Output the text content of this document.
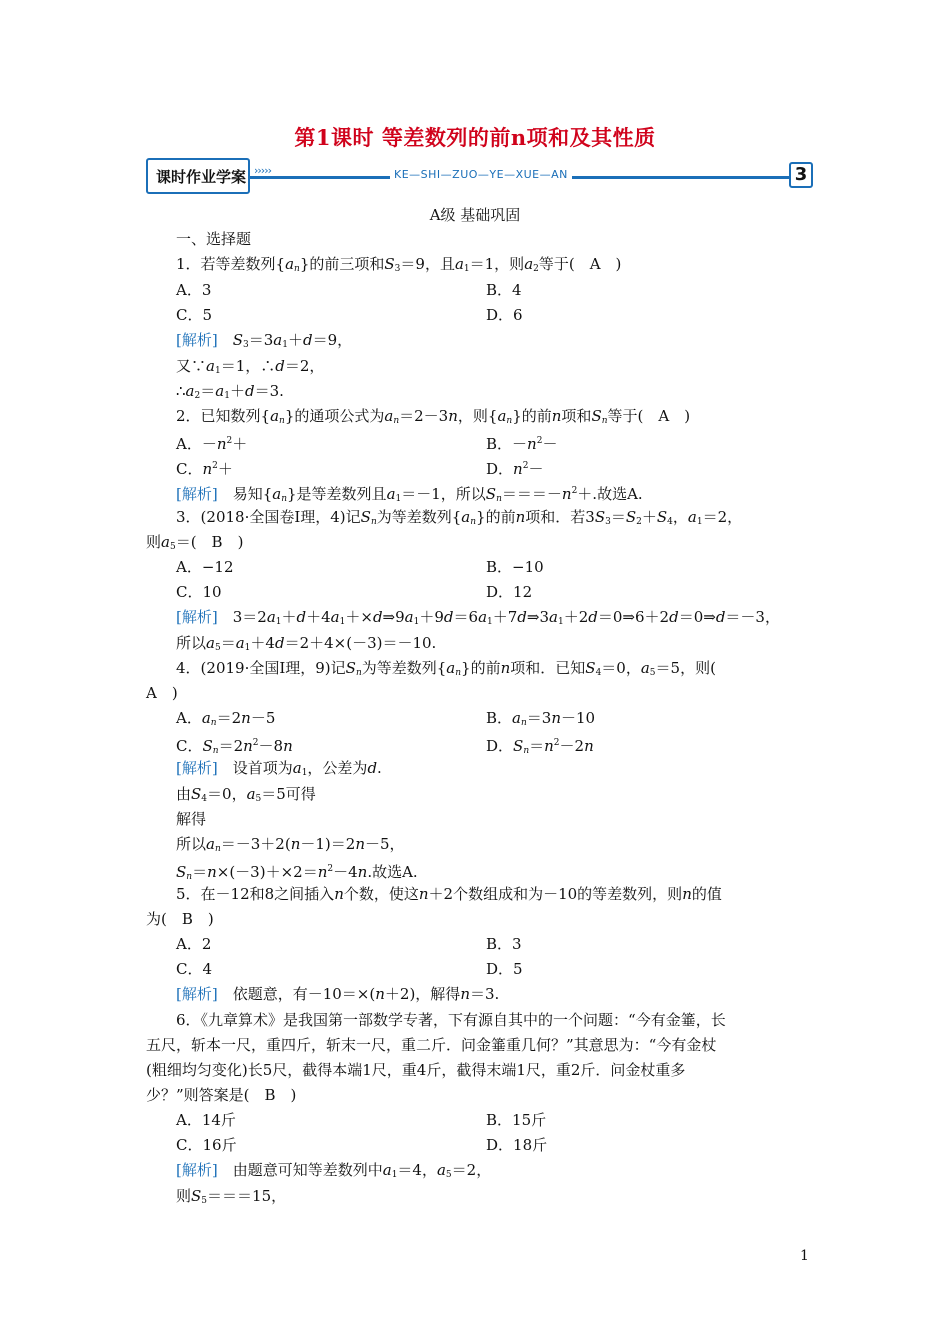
第1课时 等差数列的前n项和及其性质
课时作业学案 ›››››	KE—SHI—ZUO—YE—XUE—AN	3
A级 基础巩固
一、选择题
1．若等差数列$\{a_n\}$的前三项和$S_3=9$，且$a_1=1$，则$a_2$等于(　A　)
A．3	B．4
C．5	D．6
[解析]　 $S_3=3a_1+d=9$，
又$\because a_1=1$，∴d＝2，
$\therefore a_2=a_1+d=3$.
2．已知数列$\{a_n\}$的通项公式为$a_n=2-3n$，则$\{a_n\}$的前n项和$S_n$等于(　A　)
A．$-n^2+$	B．$-n^2-$
C．$n^2+$	D．$n^2-$
[解析]　易知$\{a_n\}$是等差数列且$a_1=-1$，所以$S_n===-n^2+$.故选A.
3．(2018·全国卷Ⅰ理，4)记$S_n$为等差数列$\{a_n\}$的前n项和．若$3S_3=S_2+S_4$，$a_1=2$，
则$a_5=$(　B　)
A．−12	B．−10
C．10	D．12
[解析]　$3=2a_1+d+4a_1+\times d\Rightarrow 9a_1+9d=6a_1+7d\Rightarrow 3a_1+2d=0\Rightarrow 6+2d=0\Rightarrow d=-3$，
所以$a_5=a_1+4d=2+4\times(-3)=-10$.
4．(2019·全国Ⅰ理，9)记$S_n$为等差数列$\{a_n\}$的前n项和．已知$S_4=0$，$a_5=5$，则(
A　)
A．$a_n=2n-5$	B．$a_n=3n-10$
C．$S_n=2n^2-8n$	D．$S_n=n^2-2n$
[解析]　设首项为$a_1$，公差为d.
由$S_4=0$，$a_5=5$可得
解得
所以$a_n=-3+2(n-1)=2n-5$，
$S_n=n\times(-3)+\times 2=n^2-4n$.故选A.
5．在－12和8之间插入n个数，使这n＋2个数组成和为－10的等差数列，则n的值
为(　B　)
A．2	B．3
C．4	D．5
[解析]　依题意，有－10＝×(n＋2)，解得n＝3.
6．《九章算术》是我国第一部数学专著，下有源自其中的一个问题：“今有金箠，长
五尺，斩本一尺，重四斤，斩末一尺，重二斤．问金箠重几何？”其意思为：“今有金杖
(粗细均匀变化)长5尺，截得本端1尺，重4斤，截得末端1尺，重2斤．问金杖重多
少？”则答案是(　B　)
A．14斤	B．15斤
C．16斤	D．18斤
[解析]　由题意可知等差数列中$a_1=4$，$a_5=2$，
则$S_5===15$，
1
